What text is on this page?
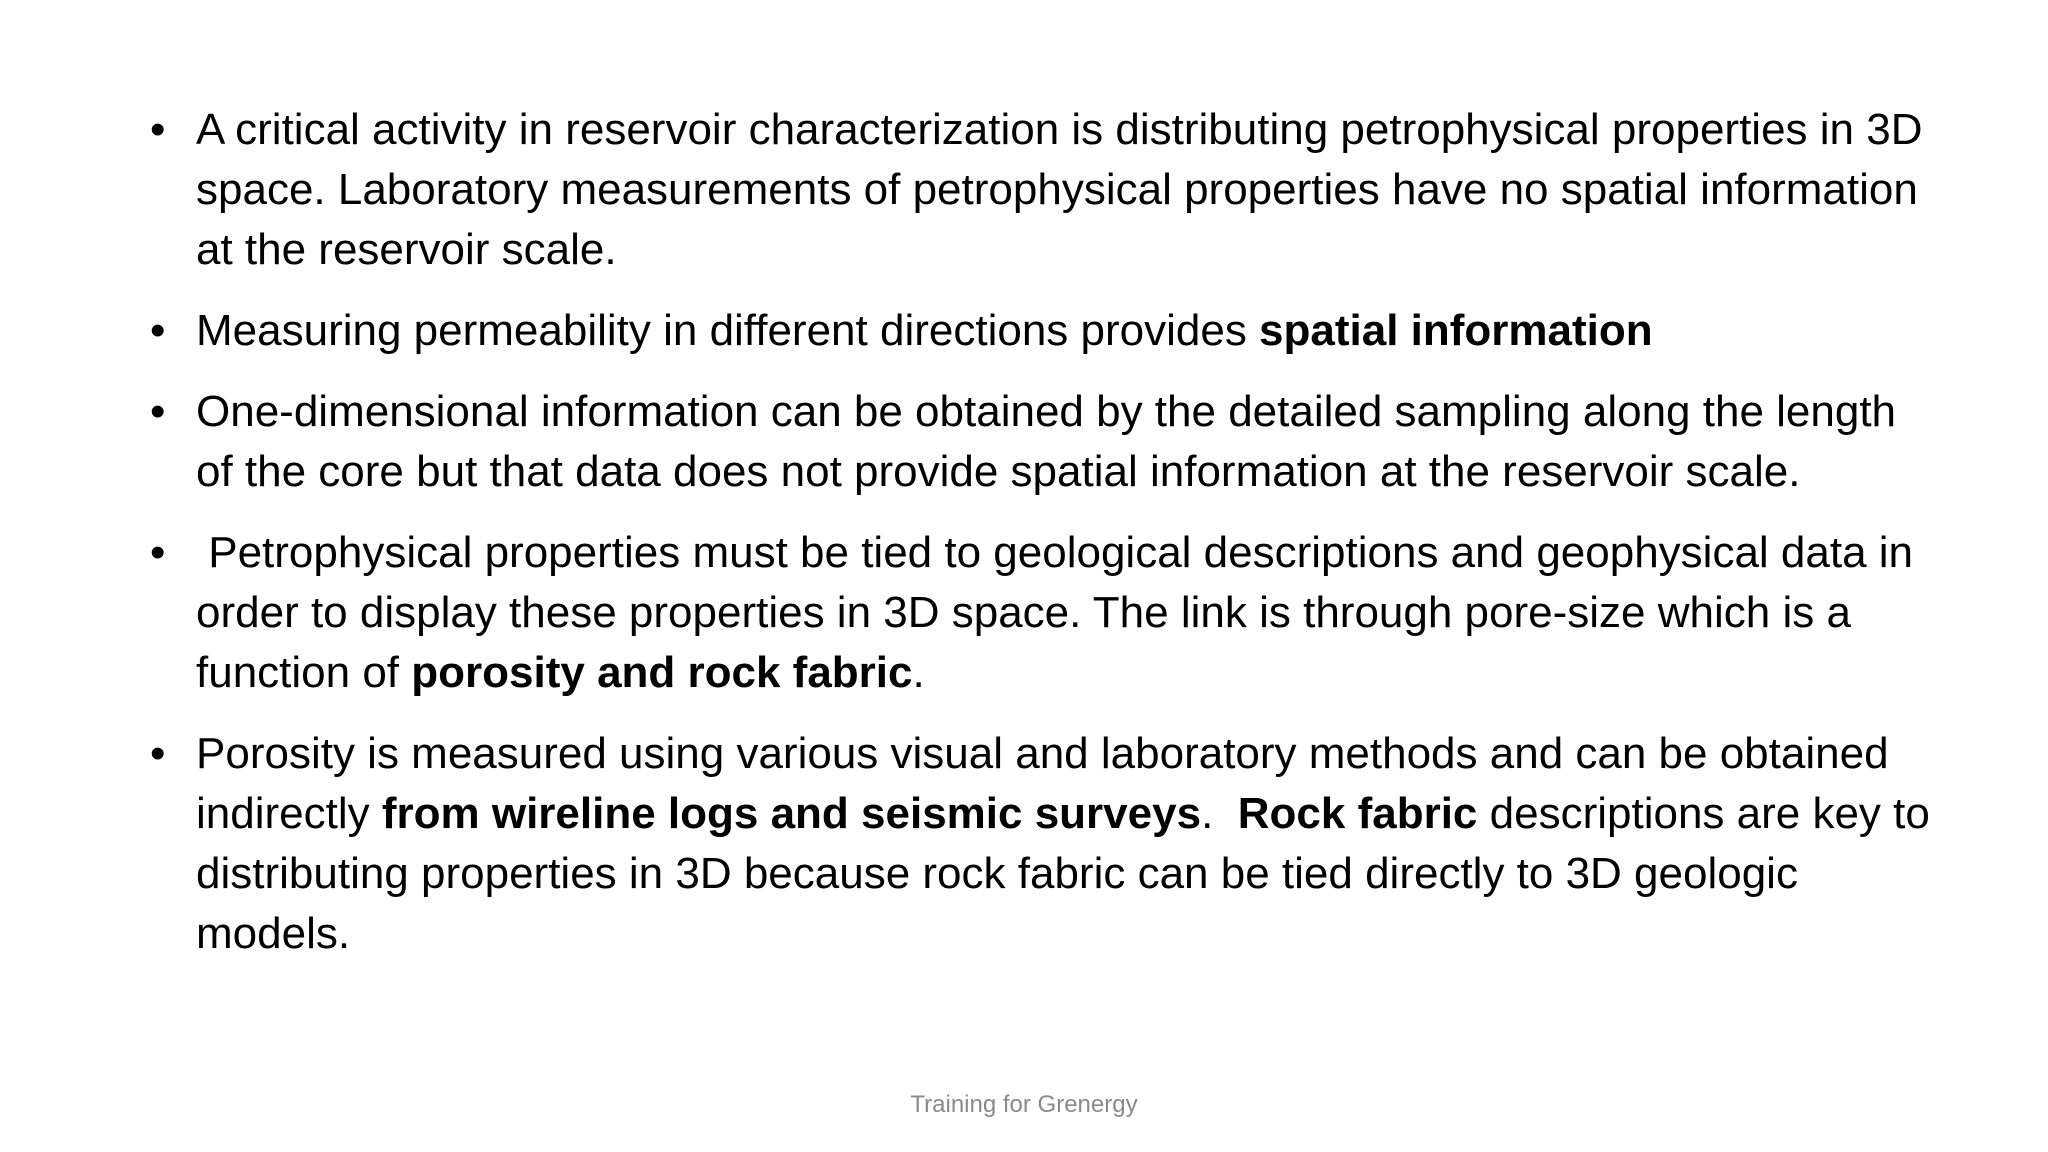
• A critical activity in reservoir characterization is distributing petrophysical properties in 3D space. Laboratory measurements of petrophysical properties have no spatial information at the reservoir scale.
• Measuring permeability in different directions provides spatial information
• One-dimensional information can be obtained by the detailed sampling along the length of the core but that data does not provide spatial information at the reservoir scale.
• Petrophysical properties must be tied to geological descriptions and geophysical data in order to display these properties in 3D space. The link is through pore-size which is a function of porosity and rock fabric.
• Porosity is measured using various visual and laboratory methods and can be obtained indirectly from wireline logs and seismic surveys.  Rock fabric descriptions are key to distributing properties in 3D because rock fabric can be tied directly to 3D geologic models.
Training for Grenergy
